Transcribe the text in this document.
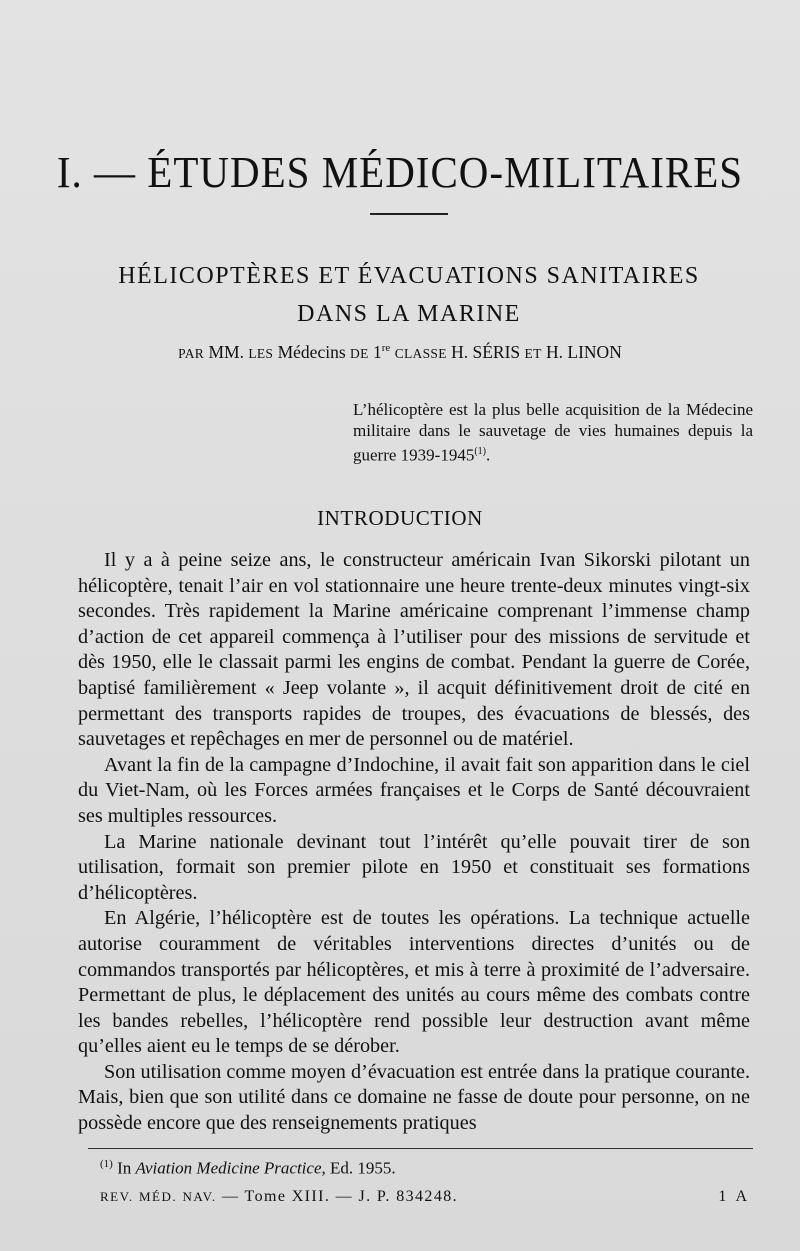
I. — ÉTUDES MÉDICO-MILITAIRES
HÉLICOPTÈRES ET ÉVACUATIONS SANITAIRES
DANS LA MARINE
PAR MM. LES Médecins DE 1re CLASSE H. SÉRIS ET H. LINON
L’hélicoptère est la plus belle acquisition de la Médecine militaire dans le sauvetage de vies humaines depuis la guerre 1939-1945$^{(1)}$.
INTRODUCTION

Il y a à peine seize ans, le constructeur américain Ivan Sikorski pilotant un hélicoptère, tenait l’air en vol stationnaire une heure trente-deux minutes vingt-six secondes. Très rapidement la Marine américaine comprenant l’immense champ d’action de cet appareil commença à l’utiliser pour des missions de servitude et dès 1950, elle le classait parmi les engins de combat. Pendant la guerre de Corée, baptisé familièrement « Jeep volante », il acquit définitivement droit de cité en permettant des transports rapides de troupes, des évacuations de blessés, des sauvetages et repêchages en mer de personnel ou de matériel.

Avant la fin de la campagne d’Indochine, il avait fait son apparition dans le ciel du Viet-Nam, où les Forces armées françaises et le Corps de Santé découvraient ses multiples ressources.

La Marine nationale devinant tout l’intérêt qu’elle pouvait tirer de son utilisation, formait son premier pilote en 1950 et constituait ses formations d’hélicoptères.

En Algérie, l’hélicoptère est de toutes les opérations. La technique actuelle autorise couramment de véritables interventions directes d’unités ou de commandos transportés par hélicoptères, et mis à terre à proximité de l’adversaire. Permettant de plus, le déplacement des unités au cours même des combats contre les bandes rebelles, l’hélicoptère rend possible leur destruction avant même qu’elles aient eu le temps de se dérober.

Son utilisation comme moyen d’évacuation est entrée dans la pratique courante. Mais, bien que son utilité dans ce domaine ne fasse de doute pour personne, on ne possède encore que des renseignements pratiques

$^{(1)}$ In Aviation Medicine Practice, Ed. 1955.
REV. MÉD. NAV. — Tome XIII. — J. P. 834248.	1 A
